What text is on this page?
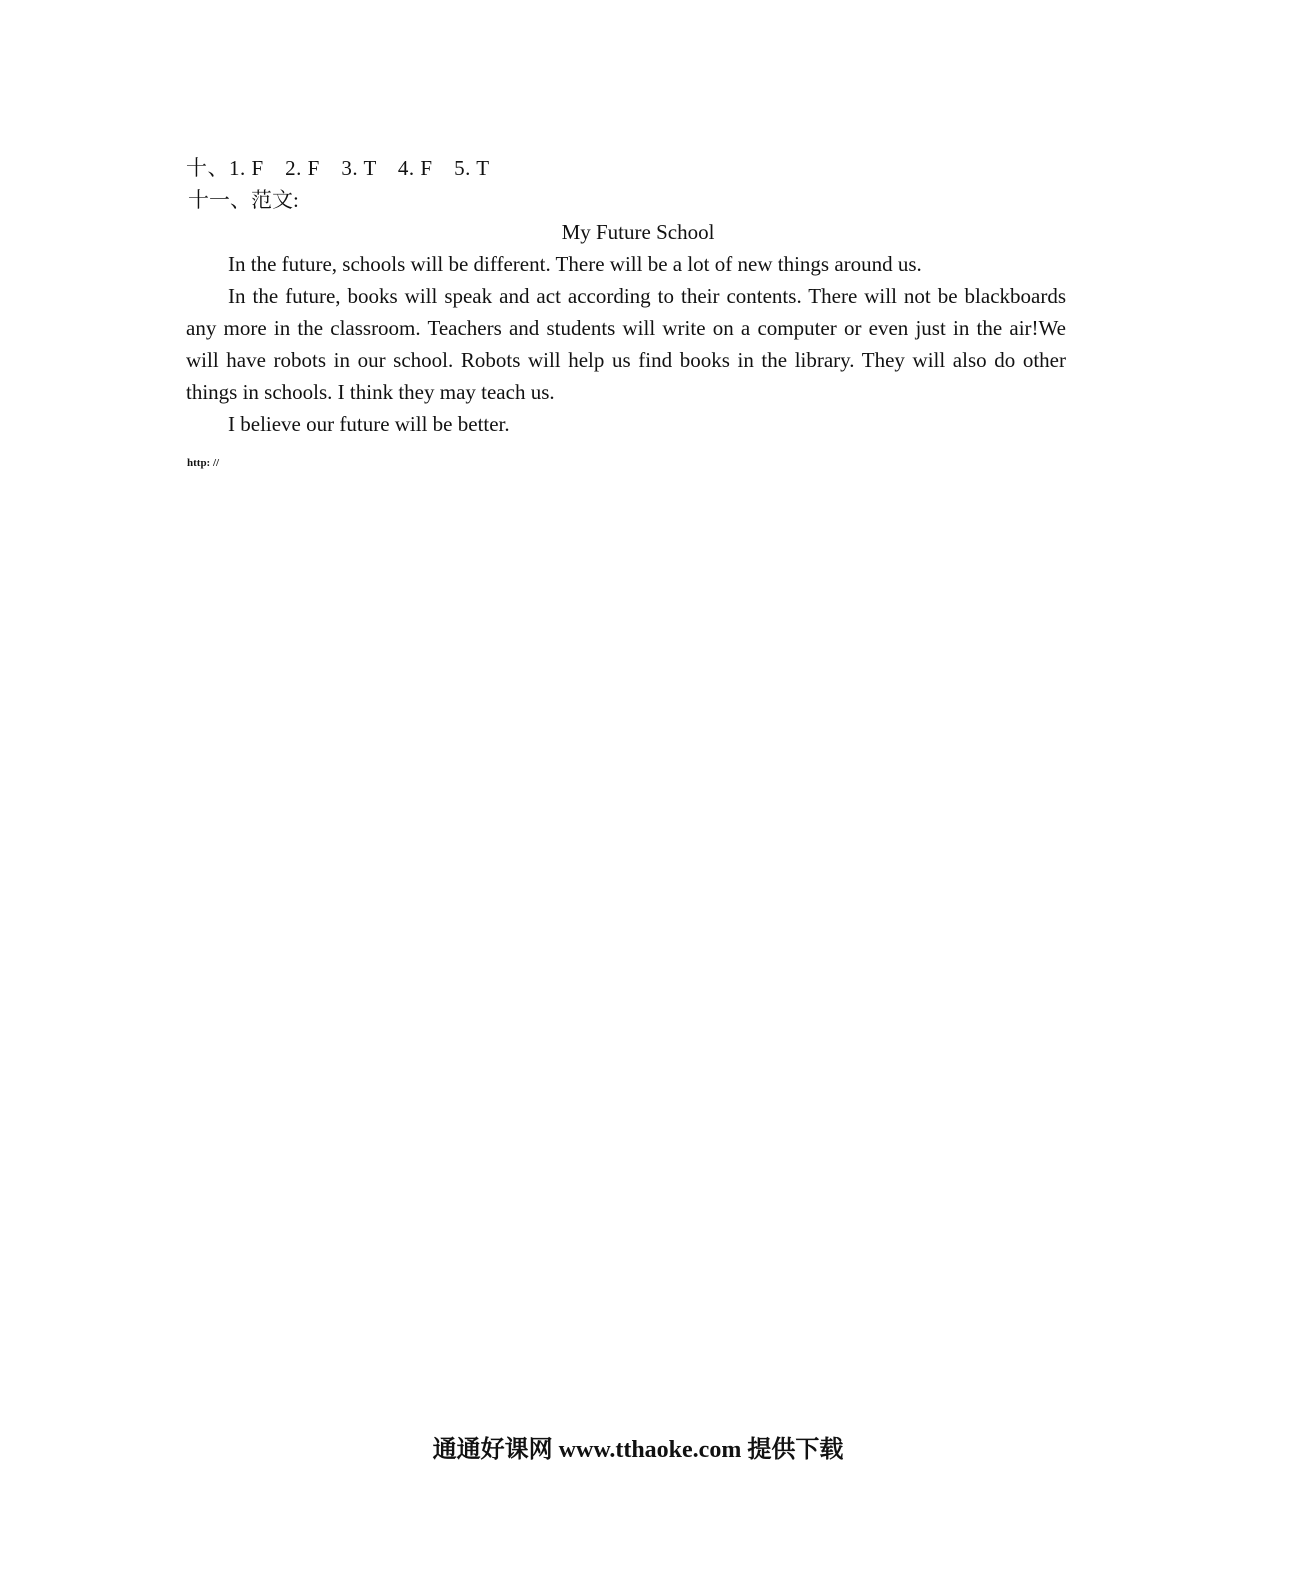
十、1. F　2. F　3. T　4. F　5. T
十一、范文:
My Future School
In the future, schools will be different. There will be a lot of new things around us.
In the future, books will speak and act according to their contents. There will not be blackboards any more in the classroom. Teachers and students will write on a computer or even just in the air!We will have robots in our school. Robots will help us find books in the library. They will also do other things in schools. I think they may teach us.
I believe our future will be better.
http: //
通通好课网 www.tthaoke.com 提供下载
